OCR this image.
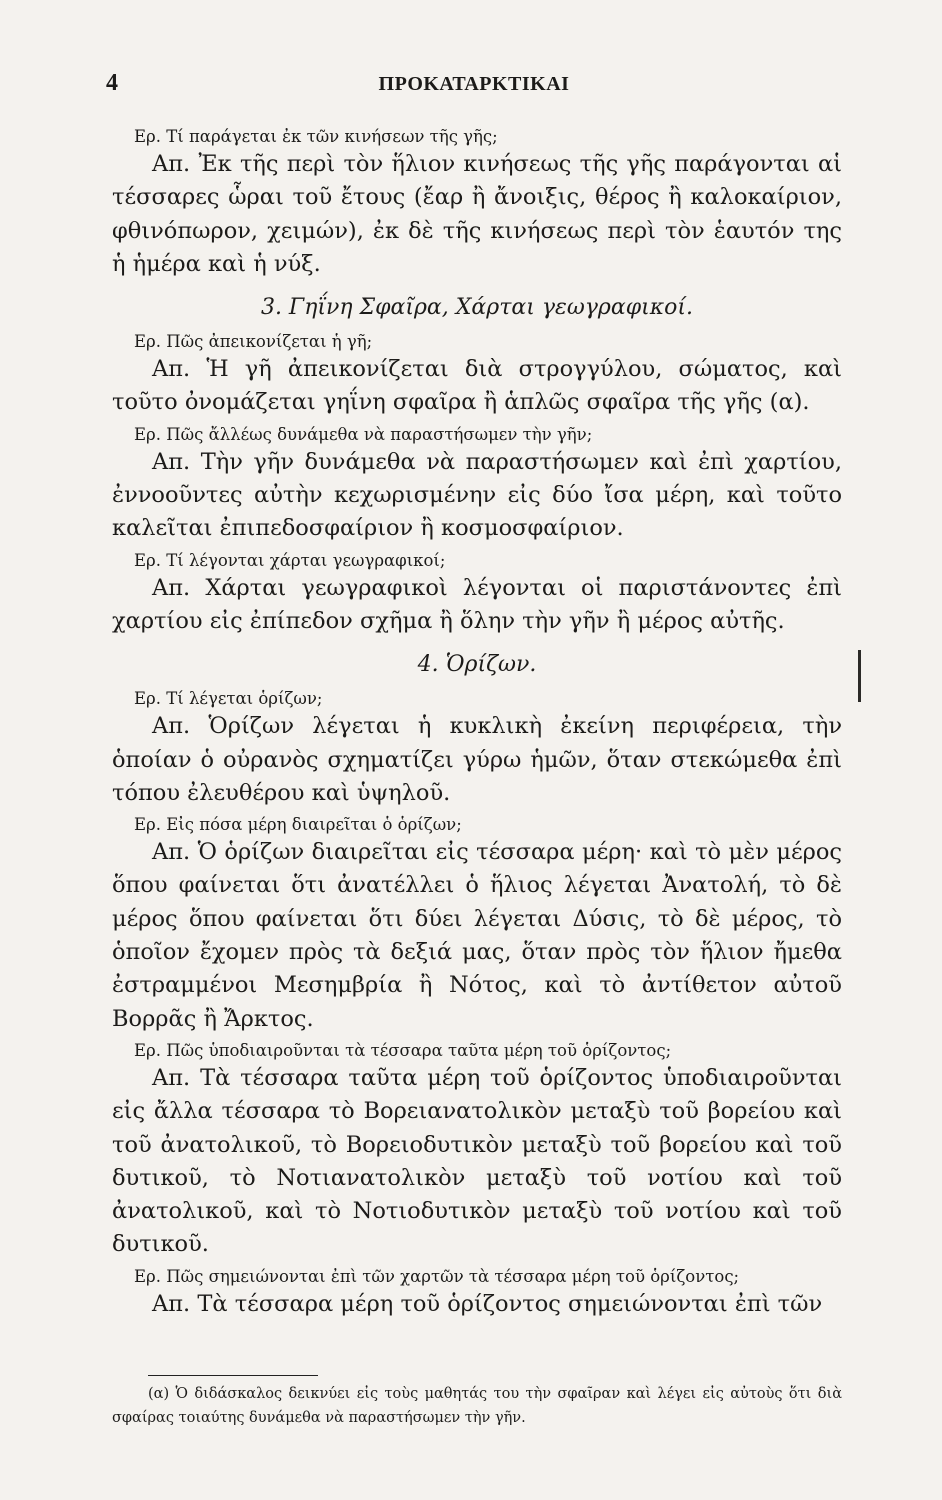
4	ΠΡΟΚΑΤΑΡΚΤΙΚΑΙ

Ερ. Τί παράγεται ἐκ τῶν κινήσεων τῆς γῆς;

Απ. Ἐκ τῆς περὶ τὸν ἥλιον κινήσεως τῆς γῆς παράγονται αἱ τέσσαρες ὧραι τοῦ ἔτους (ἔαρ ἢ ἄνοιξις, θέρος ἢ καλοκαίριον, φθινόπωρον, χειμών), ἐκ δὲ τῆς κινήσεως περὶ τὸν ἑαυτόν της ἡ ἡμέρα καὶ ἡ νύξ.

3. Γηΐνη Σφαῖρα, Χάρται γεωγραφικοί.

Ερ. Πῶς ἀπεικονίζεται ἡ γῆ;

Απ. Ἡ γῆ ἀπεικονίζεται διὰ στρογγύλου, σώματος, καὶ τοῦτο ὀνομάζεται γηΐνη σφαῖρα ἢ ἁπλῶς σφαῖρα τῆς γῆς (α).

Ερ. Πῶς ἄλλέως δυνάμεθα νὰ παραστήσωμεν τὴν γῆν;

Απ. Τὴν γῆν δυνάμεθα νὰ παραστήσωμεν καὶ ἐπὶ χαρτίου, ἐννοοῦντες αὐτὴν κεχωρισμένην εἰς δύο ἴσα μέρη, καὶ τοῦτο καλεῖται ἐπιπεδοσφαίριον ἢ κοσμοσφαίριον.

Ερ. Τί λέγονται χάρται γεωγραφικοί;

Απ. Χάρται γεωγραφικοὶ λέγονται οἱ παριστάνοντες ἐπὶ χαρτίου εἰς ἐπίπεδον σχῆμα ἢ ὅλην τὴν γῆν ἢ μέρος αὐτῆς.

4. Ὁρίζων.

Ερ. Τί λέγεται ὁρίζων;

Απ. Ὁρίζων λέγεται ἡ κυκλικὴ ἐκείνη περιφέρεια, τὴν ὁποίαν ὁ οὐρανὸς σχηματίζει γύρω ἡμῶν, ὅταν στεκώμεθα ἐπὶ τόπου ἐλευθέρου καὶ ὑψηλοῦ.

Ερ. Εἰς πόσα μέρη διαιρεῖται ὁ ὁρίζων;

Απ. Ὁ ὁρίζων διαιρεῖται εἰς τέσσαρα μέρη· καὶ τὸ μὲν μέρος ὅπου φαίνεται ὅτι ἀνατέλλει ὁ ἥλιος λέγεται Ἀνατολή, τὸ δὲ μέρος ὅπου φαίνεται ὅτι δύει λέγεται Δύσις, τὸ δὲ μέρος, τὸ ὁποῖον ἔχομεν πρὸς τὰ δεξιά μας, ὅταν πρὸς τὸν ἥλιον ἤμεθα ἐστραμμένοι Μεσημβρία ἢ Νότος, καὶ τὸ ἀντίθετον αὐτοῦ Βορρᾶς ἢ Ἄρκτος.

Ερ. Πῶς ὑποδιαιροῦνται τὰ τέσσαρα ταῦτα μέρη τοῦ ὁρίζοντος;

Απ. Τὰ τέσσαρα ταῦτα μέρη τοῦ ὁρίζοντος ὑποδιαιροῦνται εἰς ἄλλα τέσσαρα τὸ Βορειανατολικὸν μεταξὺ τοῦ βορείου καὶ τοῦ ἀνατολικοῦ, τὸ Βορειοδυτικὸν μεταξὺ τοῦ βορείου καὶ τοῦ δυτικοῦ, τὸ Νοτιανατολικὸν μεταξὺ τοῦ νοτίου καὶ τοῦ ἀνατολικοῦ, καὶ τὸ Νοτιοδυτικὸν μεταξὺ τοῦ νοτίου καὶ τοῦ δυτικοῦ.

Ερ. Πῶς σημειώνονται ἐπὶ τῶν χαρτῶν τὰ τέσσαρα μέρη τοῦ ὁρίζοντος;

Απ. Τὰ τέσσαρα μέρη τοῦ ὁρίζοντος σημειώνονται ἐπὶ τῶν

(α) Ὁ διδάσκαλος δεικνύει εἰς τοὺς μαθητάς του τὴν σφαῖραν καὶ λέγει εἰς αὐτοὺς ὅτι διὰ σφαίρας τοιαύτης δυνάμεθα νὰ παραστήσωμεν τὴν γῆν.
